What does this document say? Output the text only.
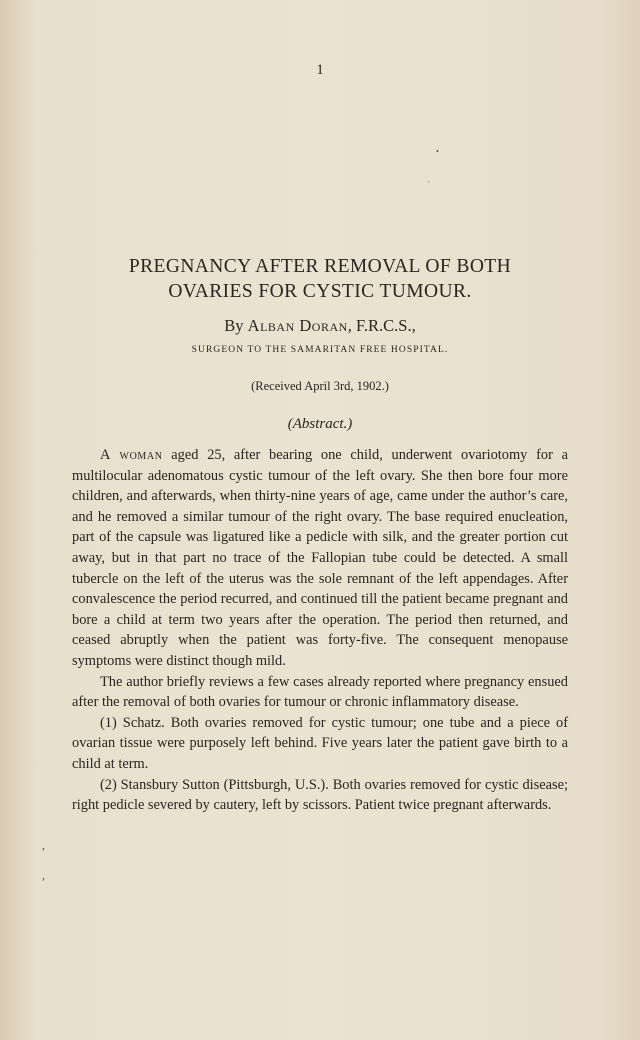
1
•
'
PREGNANCY AFTER REMOVAL OF BOTH
OVARIES FOR CYSTIC TUMOUR.
By Alban Doran, F.R.C.S.,
SURGEON TO THE SAMARITAN FREE HOSPITAL.
(Received April 3rd, 1902.)
(Abstract.)

A woman aged 25, after bearing one child, underwent ovariotomy for a multilocular adenomatous cystic tumour of the left ovary. She then bore four more children, and afterwards, when thirty-nine years of age, came under the author’s care, and he removed a similar tumour of the right ovary. The base required enucleation, part of the capsule was ligatured like a pedicle with silk, and the greater portion cut away, but in that part no trace of the Fallopian tube could be detected. A small tubercle on the left of the uterus was the sole remnant of the left appendages. After convalescence the period recurred, and continued till the patient became pregnant and bore a child at term two years after the operation. The period then returned, and ceased abruptly when the patient was forty-five. The consequent menopause symptoms were distinct though mild.

The author briefly reviews a few cases already reported where pregnancy ensued after the removal of both ovaries for tumour or chronic inflammatory disease.

(1) Schatz. Both ovaries removed for cystic tumour; one tube and a piece of ovarian tissue were purposely left behind. Five years later the patient gave birth to a child at term.

(2) Stansbury Sutton (Pittsburgh, U.S.). Both ovaries removed for cystic disease; right pedicle severed by cautery, left by scissors. Patient twice pregnant afterwards.

,
,
